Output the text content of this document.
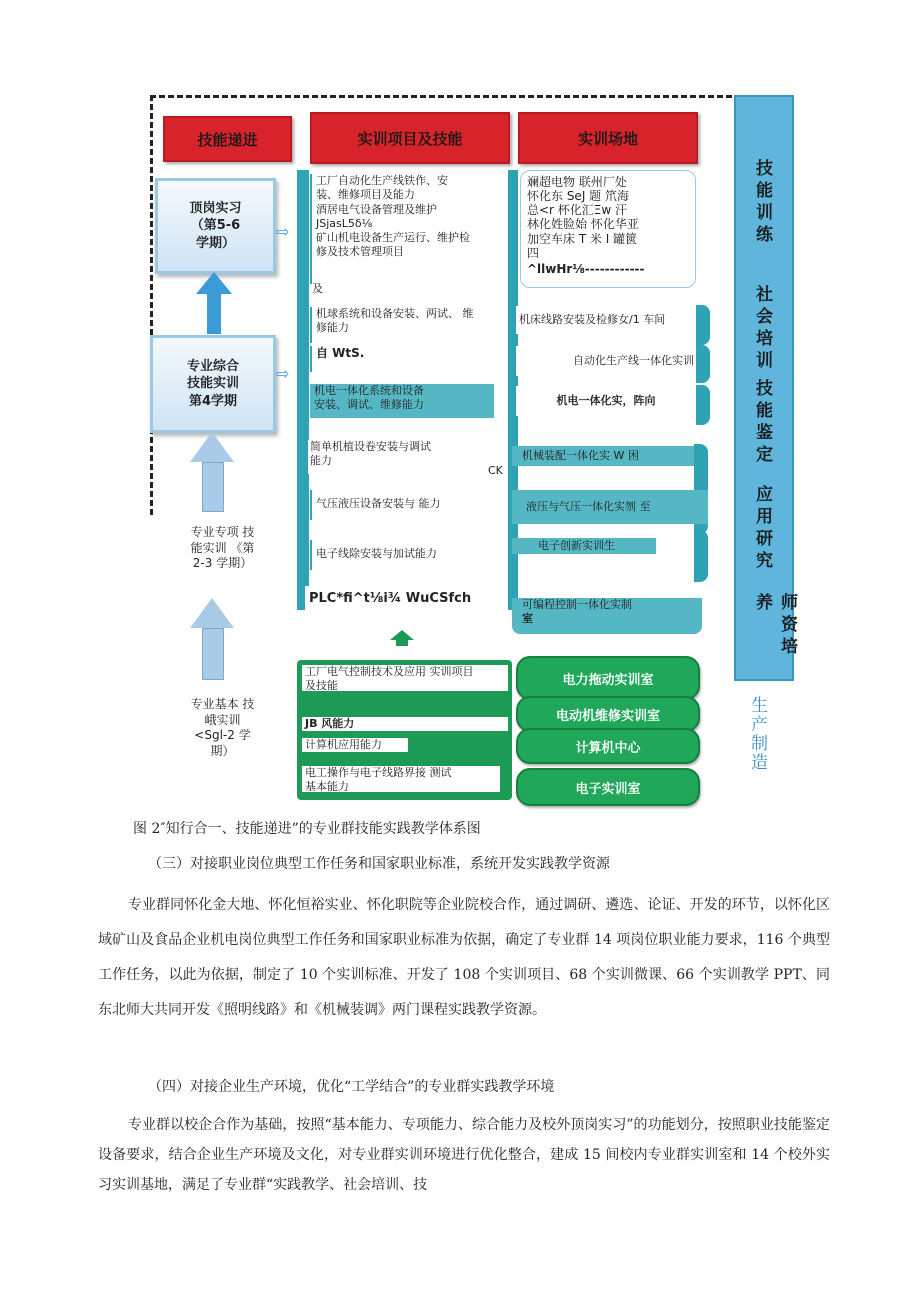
技能递进	实训项目及技能	实训场地
顶岗实习
（第5-6
学期）
专业综合
技能实训
第4学期
⇨
⇨
专业专项 技
能实训 《第
2-3 学期）
专业基本 技
峨实训
<Sgl-2 学
期）
工厂自动化生产线铁作、安
装、维修项目及能力
酒居电气设备管理及维护
JSjasL5δ⅛
矿山机电设备生产运行、维护检
修及技术管理项目
及
机球系统和设备安装、两试、 维
修能力
自 WtS.
机电一体化系统和设备
安装、调试、维修能力
简单机植设卷安装与调试
能力
CK
气压液压设备安装与 能力
电子线除安装与加试能力
PLC*fi^t⅛i¾ WuCSfch
工厂电气控制技术及应用 实训项目
及技能
JB 风能力
计算机应用能力
电工操作与电子线路界接 测试
基本能力
斓超电物 联州厂处
怀化东 SeJ 题 笊海
总<r 杯化汇Ξw 汗
林化姓脸始 怀化华亚
加空车床 T 米 I 罐篋
四
^llwHr⅛------------
机床线路安装及检修女/1 车间
自动化生产线一体化实训
机电一体化实，阵向
机械装配一体化实 W 困
液压与气压一体化实刎 至
电子创新实训生
可编程控制一体化实制
室
电力拖动实训室
电动机维修实训室
计算机中心
电子实训室
技能训练
社会培训
技能鉴定
应用研究
师资培养
生产制造
图 2″知行合一、技能递进”的专业群技能实践教学体系图
（三）对接职业岗位典型工作任务和国家职业标准，系统开发实践教学资源
专业群同怀化金大地、怀化恒裕实业、怀化职院等企业院校合作，通过调研、遴选、论证、开发的环节，以怀化区域矿山及食品企业机电岗位典型工作任务和国家职业标准为依据，确定了专业群 14 项岗位职业能力要求，116 个典型工作任务，以此为依据，制定了 10 个实训标准、开发了 108 个实训项目、68 个实训微课、66 个实训教学 PPT、同东北师大共同开发《照明线路》和《机械装调》两门课程实践教学资源。
（四）对接企业生产环境，优化“工学结合”的专业群实践教学环境
专业群以校企合作为基础，按照“基本能力、专项能力、综合能力及校外顶岗实习”的功能划分，按照职业技能鉴定设备要求，结合企业生产环境及文化，对专业群实训环境进行优化整合，建成 15 间校内专业群实训室和 14 个校外实习实训基地，满足了专业群“实践教学、社会培训、技
